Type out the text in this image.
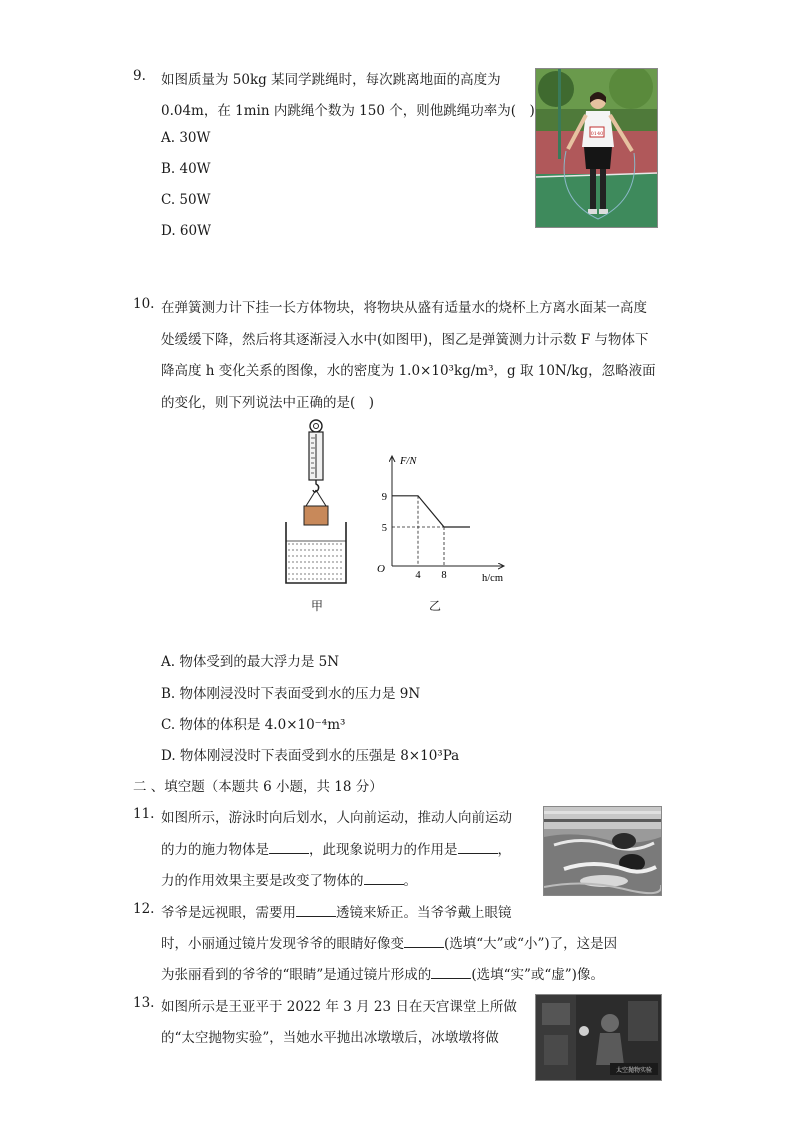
9. 如图质量为 50kg 某同学跳绳时，每次跳离地面的高度为
0.04m，在 1min 内跳绳个数为 150 个，则他跳绳功率为(　)
A. 30W
B. 40W
C. 50W
D. 60W
0140
10. 在弹簧测力计下挂一长方体物块，将物块从盛有适量水的烧杯上方离水面某一高度
处缓缓下降，然后将其逐渐浸入水中(如图甲)，图乙是弹簧测力计示数 F 与物体下
降高度 h 变化关系的图像，水的密度为 1.0×10³kg/m³，g 取 10N/kg，忽略液面
的变化，则下列说法中正确的是(　)
甲
F/N
h/cm
O
4 8
9
5
乙
A. 物体受到的最大浮力是 5N
B. 物体刚浸没时下表面受到水的压力是 9N
C. 物体的体积是 4.0×10⁻⁴m³
D. 物体刚浸没时下表面受到水的压强是 8×10³Pa
二 、填空题（本题共 6 小题，共 18 分）
11. 如图所示，游泳时向后划水，人向前运动，推动人向前运动
的力的施力物体是	，此现象说明力的作用是	，
力的作用效果主要是改变了物体的	。
12. 爷爷是远视眼，需要用	透镜来矫正。当爷爷戴上眼镜
时，小丽通过镜片发现爷爷的眼睛好像变	(选填“大”或“小”)了，这是因
为张丽看到的爷爷的“眼睛”是通过镜片形成的	(选填“实”或“虚”)像。
13. 如图所示是王亚平于 2022 年 3 月 23 日在天宫课堂上所做
的“太空抛物实验”，当她水平抛出冰墩墩后，冰墩墩将做
太空抛物实验
